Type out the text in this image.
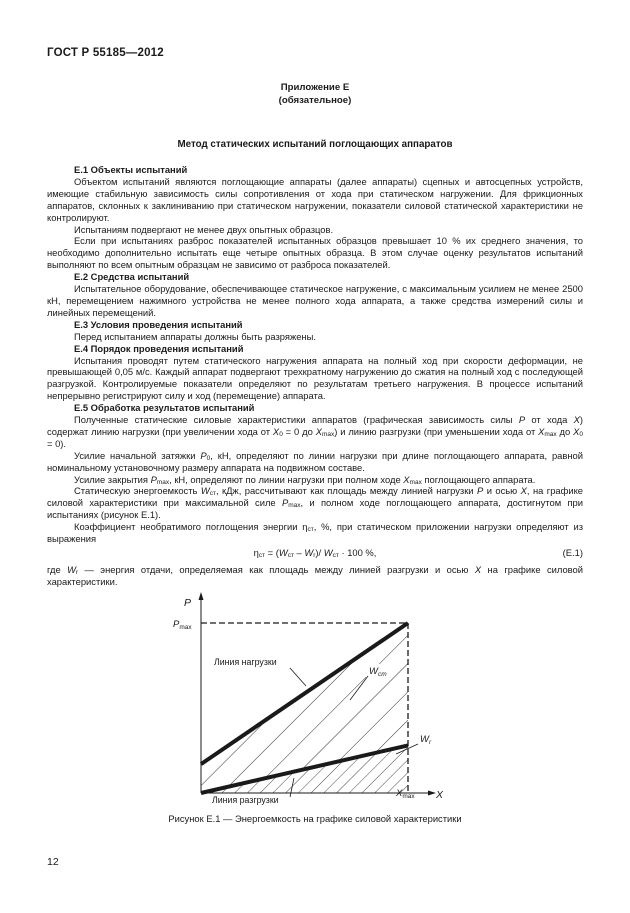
ГОСТ Р 55185—2012
Приложение Е
(обязательное)
Метод статических испытаний поглощающих аппаратов

Е.1 Объекты испытаний

Объектом испытаний являются поглощающие аппараты (далее аппараты) сцепных и автосцепных устройств, имеющие стабильную зависимость силы сопротивления от хода при статическом нагружении. Для фрикционных аппаратов, склонных к заклиниванию при статическом нагружении, показатели силовой статической характеристики не контролируют.

Испытаниям подвергают не менее двух опытных образцов.

Если при испытаниях разброс показателей испытанных образцов превышает 10 % их среднего значения, то необходимо дополнительно испытать еще четыре опытных образца. В этом случае оценку результатов испытаний выполняют по всем опытным образцам не зависимо от разброса показателей.

Е.2 Средства испытаний

Испытательное оборудование, обеспечивающее статическое нагружение, с максимальным усилием не менее 2500 кН, перемещением нажимного устройства не менее полного хода аппарата, а также средства измерений силы и линейных перемещений.

Е.3 Условия проведения испытаний

Перед испытанием аппараты должны быть разряжены.

Е.4 Порядок проведения испытаний

Испытания проводят путем статического нагружения аппарата на полный ход при скорости деформации, не превышающей 0,05 м/с. Каждый аппарат подвергают трехкратному нагружению до сжатия на полный ход с последующей разгрузкой. Контролируемые показатели определяют по результатам третьего нагружения. В процессе испытаний непрерывно регистрируют силу и ход (перемещение) аппарата.

Е.5 Обработка результатов испытаний

Полученные статические силовые характеристики аппаратов (графическая зависимость силы P от хода X) содержат линию нагрузки (при увеличении хода от $X_0 = 0$ до $X_{max}$) и линию разгрузки (при уменьшении хода от $X_{max}$ до $X_0 = 0$).

Усилие начальной затяжки $P_0$, кН, определяют по линии нагрузки при длине поглощающего аппарата, равной номинальному установочному размеру аппарата на подвижном составе.

Усилие закрытия $P_{max}$, кН, определяют по линии нагрузки при полном ходе $X_{max}$ поглощающего аппарата.

Статическую энергоемкость $W_{ст}$, кДж, рассчитывают как площадь между линией нагрузки P и осью X, на графике силовой характеристики при максимальной силе $P_{max}$, и полном ходе поглощающего аппарата, достигнутом при испытаниях (рисунок Е.1).

Коэффициент необратимого поглощения энергии $\eta_{ст}$, %, при статическом приложении нагрузки определяют из выражения

$\eta_{ст} = (W_{ст} - W_r)/$ $W_{ст} \cdot 100$ %,	(Е.1)

где $W_r$ — энергия отдачи, определяемая как площадь между линией разгрузки и осью X на графике силовой характеристики.

Линия нагрузки
Линия разгрузки
$W_{ст}$
$W_r$
P
X
$P_{max}$
$X_{max}$
Рисунок Е.1 — Энергоемкость на графике силовой характеристики
12
